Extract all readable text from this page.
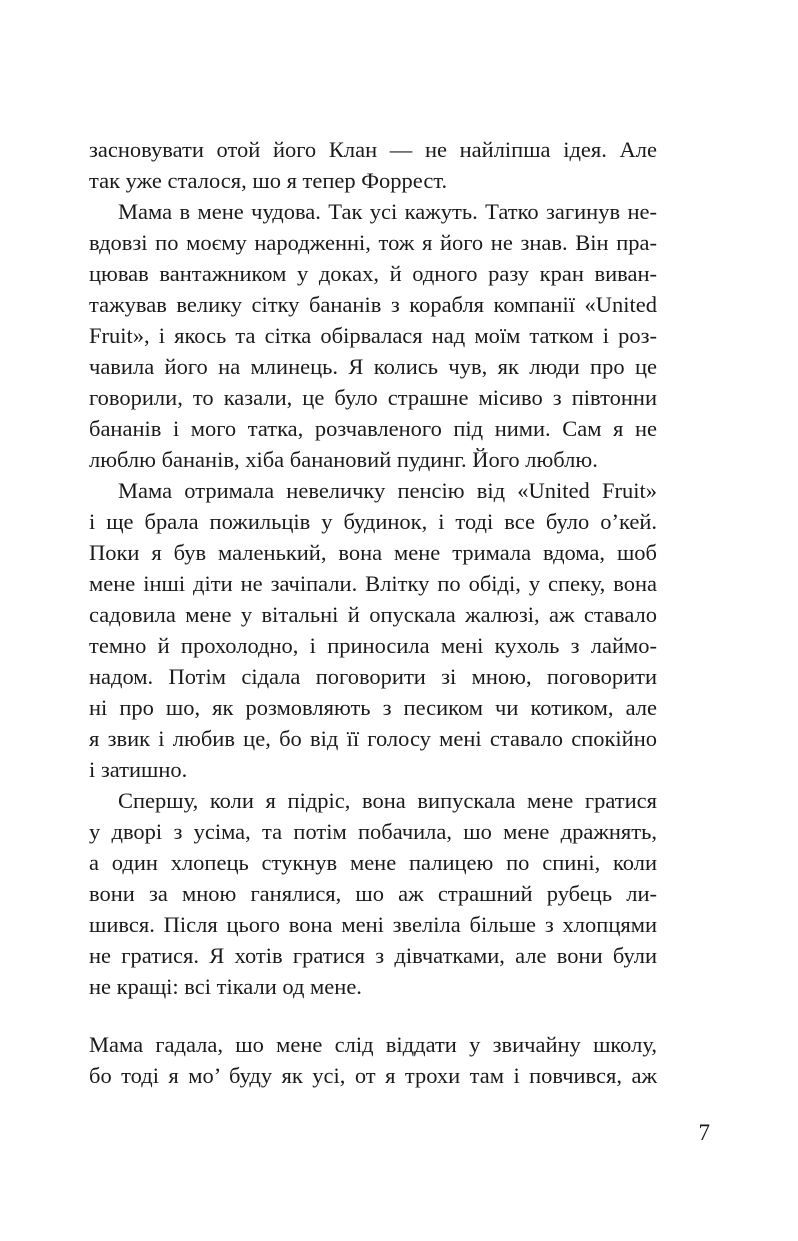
засновувати отой його Клан — не найліпша ідея. Але
так уже сталося, шо я тепер Форрест.
Мама в мене чудова. Так усі кажуть. Татко загинув не-
вдовзі по моєму народженні, тож я його не знав. Він пра-
цював вантажником у доках, й одного разу кран виван-
тажував велику сітку бананів з корабля компанії «United
Fruit», і якось та сітка обірвалася над моїм татком і роз-
чавила його на млинець. Я колись чув, як люди про це
говорили, то казали, це було страшне місиво з півтонни
бананів і мого татка, розчавленого під ними. Сам я не
люблю бананів, хіба банановий пудинг. Його люблю.
Мама отримала невеличку пенсію від «United Fruit»
і ще брала пожильців у будинок, і тоді все було о’кей.
Поки я був маленький, вона мене тримала вдома, шоб
мене інші діти не зачіпали. Влітку по обіді, у спеку, вона
садовила мене у вітальні й опускала жалюзі, аж ставало
темно й прохолодно, і приносила мені кухоль з лаймо-
надом. Потім сідала поговорити зі мною, поговорити
ні про шо, як розмовляють з песиком чи котиком, але
я звик і любив це, бо від її голосу мені ставало спокійно
і затишно.
Спершу, коли я підріс, вона випускала мене гратися
у дворі з усіма, та потім побачила, шо мене дражнять,
а один хлопець стукнув мене палицею по спині, коли
вони за мною ганялися, шо аж страшний рубець ли-
шився. Після цього вона мені звеліла більше з хлопцями
не гратися. Я хотів гратися з дівчатками, але вони були
не кращі: всі тікали од мене.
Мама гадала, шо мене слід віддати у звичайну школу,
бо тоді я мо’ буду як усі, от я трохи там і повчився, аж
7
